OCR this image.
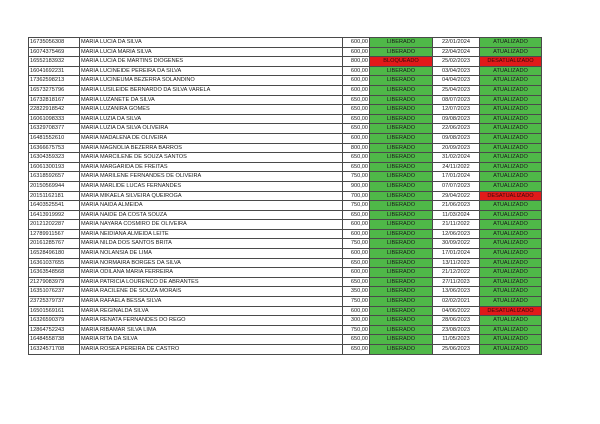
16735056308	MARIA LUCIA DA SILVA	600,00	LIBERADO	22/01/2024	ATUALIZADO
16074375469	MARIA LUCIA MARIA SILVA	600,00	LIBERADO	22/04/2024	ATUALIZADO
16552183932	MARIA LUCIA DE MARTINS DIOGENES	800,00	BLOQUEADO	25/02/2023	DESATUALIZADO
16041692231	MARIA LUCINEIDE PEREIRA DA SILVA	600,00	LIBERADO	03/04/2023	ATUALIZADO
17362598213	MARIA LUCINEUMA BEZERRA SOLANDINO	600,00	LIBERADO	04/04/2023	ATUALIZADO
16573275796	MARIA LUSILEIDE BERNARDO DA SILVA VARELA	600,00	LIBERADO	25/04/2023	ATUALIZADO
16732818167	MARIA LUZANETE DA SILVA	650,00	LIBERADO	08/07/2023	ATUALIZADO
22822918542	MARIA LUZANIRA GOMES	650,00	LIBERADO	12/07/2023	ATUALIZADO
16061098333	MARIA LUZIA DA SILVA	650,00	LIBERADO	09/08/2023	ATUALIZADO
16329708377	MARIA LUZIA DA SILVA OLIVEIRA	650,00	LIBERADO	22/06/2023	ATUALIZADO
16481552610	MARIA MADALENA DE OLIVEIRA	600,00	LIBERADO	09/08/2023	ATUALIZADO
16366675753	MARIA MAGNOLIA BEZERRA BARROS	800,00	LIBERADO	20/09/2023	ATUALIZADO
16304359323	MARIA MARCILENE DE SOUZA SANTOS	650,00	LIBERADO	31/02/2024	ATUALIZADO
16061300193	MARIA MARGARIDA DE FREITAS	650,00	LIBERADO	24/11/2022	ATUALIZADO
16318592657	MARIA MARILENE FERNANDES DE OLIVEIRA	750,00	LIBERADO	17/01/2024	ATUALIZADO
20150569944	MARIA MARLIDE LUCAS FERNANDES	900,00	LIBERADO	07/07/2023	ATUALIZADO
20151162181	MARIA MIKAELA SILVEIRA QUEIROGA	700,00	LIBERADO	29/04/2022	DESATUALIZADO
16403525541	MARIA NAIDA ALMEIDA	750,00	LIBERADO	21/06/2023	ATUALIZADO
16413919992	MARIA NAIDE DA COSTA SOUZA	650,00	LIBERADO	11/03/2024	ATUALIZADO
20121202287	MARIA NAYARA COSMIRO DE OLIVEIRA	600,00	LIBERADO	21/11/2022	ATUALIZADO
12789911567	MARIA NEIDIANA ALMEIDA LEITE	600,00	LIBERADO	12/06/2023	ATUALIZADO
20161285767	MARIA NILDA DOS SANTOS BRITA	750,00	LIBERADO	30/09/2022	ATUALIZADO
16528496180	MARIA NOLANSIA DE LIMA	600,00	LIBERADO	17/01/2024	ATUALIZADO
16361037655	MARIA NORMAIRA BORGES DA SILVA	650,00	LIBERADO	13/11/2023	ATUALIZADO
16363548568	MARIA ODILANA MARIA FERREIRA	600,00	LIBERADO	21/12/2022	ATUALIZADO
21279083979	MARIA PATRICIA LOURENCO DE ABRANTES	650,00	LIBERADO	27/11/2023	ATUALIZADO
16351076237	MARIA RACILENE DE SOUZA MORAIS	350,00	LIBERADO	13/06/2023	ATUALIZADO
23725379737	MARIA RAFAELA BESSA SILVA	750,00	LIBERADO	02/02/2021	ATUALIZADO
16501569161	MARIA REGINALDA SILVA	600,00	LIBERADO	04/06/2022	DESATUALIZADO
16326590379	MARIA RENATA FERNANDES DO REGO	300,00	LIBERADO	28/06/2023	ATUALIZADO
12864752243	MARIA RIBAMAR SILVA LIMA	750,00	LIBERADO	23/08/2023	ATUALIZADO
16484558738	MARIA RITA DA SILVA	650,00	LIBERADO	11/05/2023	ATUALIZADO
16324571708	MARIA ROSEA PEREIRA DE CASTRO	650,00	LIBERADO	25/06/2023	ATUALIZADO
